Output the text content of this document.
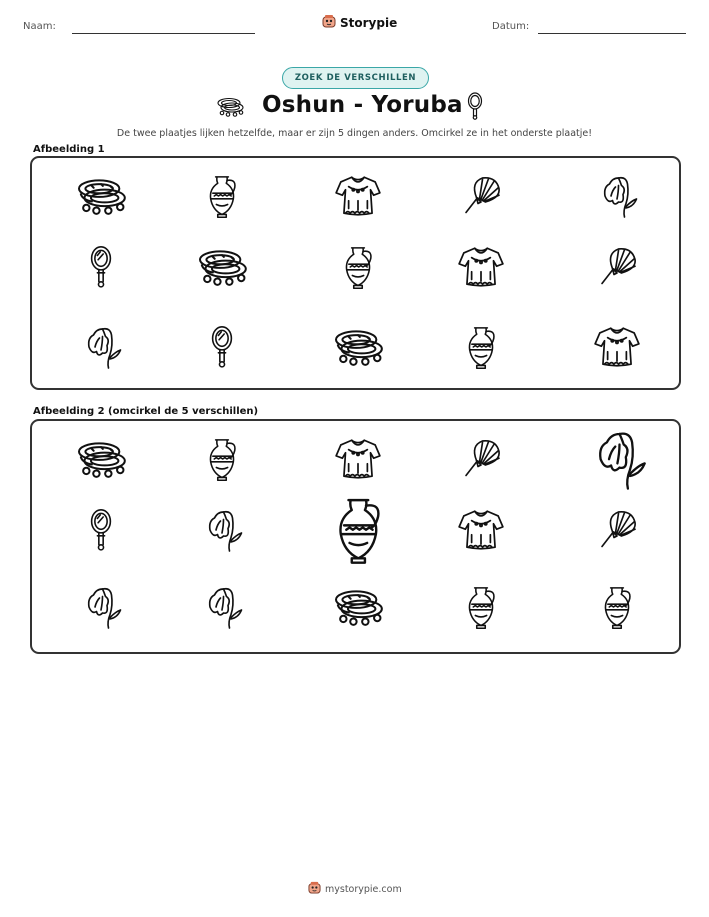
Naam:	Storypie	Datum:
ZOEK DE VERSCHILLEN
Oshun - Yoruba
De twee plaatjes lijken hetzelfde, maar er zijn 5 dingen anders. Omcirkel ze in het onderste plaatje!
Afbeelding 1
Afbeelding 2 (omcirkel de 5 verschillen)
mystorypie.com
